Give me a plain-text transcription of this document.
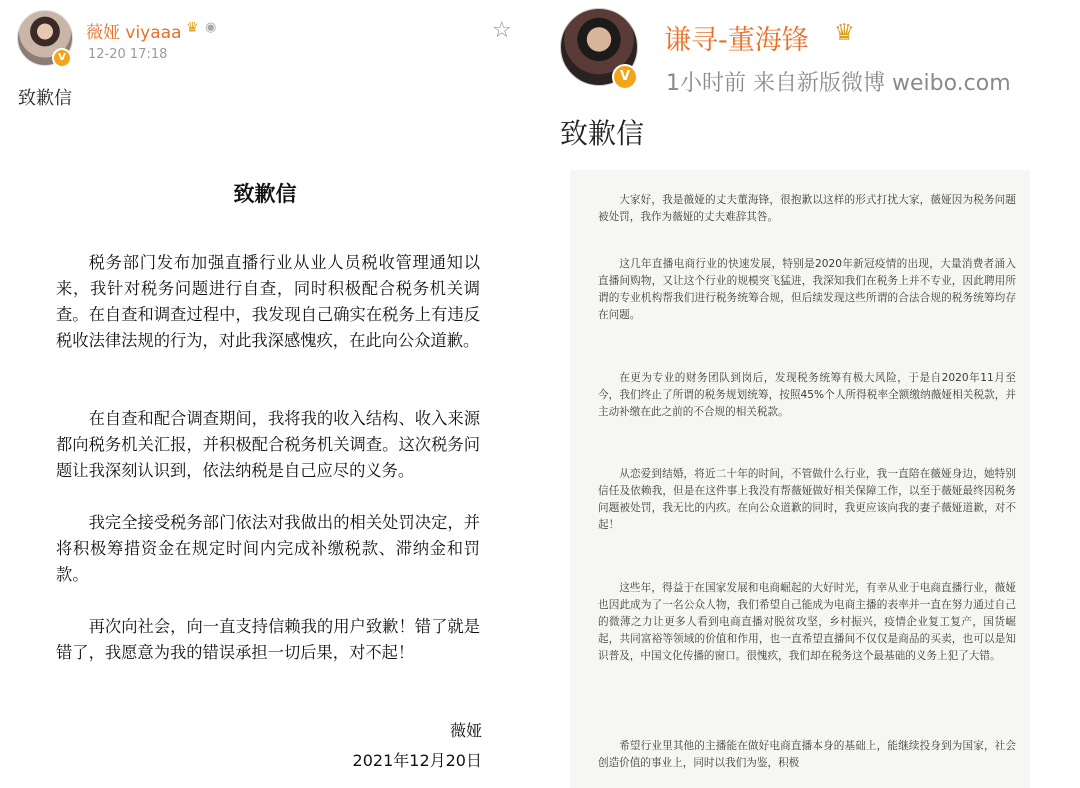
V
薇娅 viyaaa ♛ ◉
12-20 17:18
☆
致歉信
致歉信
税务部门发布加强直播行业从业人员税收管理通知以来，我针对税务问题进行自查，同时积极配合税务机关调查。在自查和调查过程中，我发现自己确实在税务上有违反税收法律法规的行为，对此我深感愧疚，在此向公众道歉。
在自查和配合调查期间，我将我的收入结构、收入来源都向税务机关汇报，并积极配合税务机关调查。这次税务问题让我深刻认识到，依法纳税是自己应尽的义务。
我完全接受税务部门依法对我做出的相关处罚决定，并将积极筹措资金在规定时间内完成补缴税款、滞纳金和罚款。
再次向社会，向一直支持信赖我的用户致歉！错了就是错了，我愿意为我的错误承担一切后果，对不起！
薇娅
2021年12月20日
V
谦寻-董海锋 ♛
1小时前 来自新版微博 weibo.com
致歉信
大家好，我是薇娅的丈夫董海锋，很抱歉以这样的形式打扰大家，薇娅因为税务问题被处罚，我作为薇娅的丈夫难辞其咎。
这几年直播电商行业的快速发展，特别是2020年新冠疫情的出现，大量消费者涌入直播间购物，又让这个行业的规模突飞猛进，我深知我们在税务上并不专业，因此聘用所谓的专业机构帮我们进行税务统筹合规，但后续发现这些所谓的合法合规的税务统筹均存在问题。
在更为专业的财务团队到岗后，发现税务统筹有极大风险，于是自2020年11月至今，我们终止了所谓的税务规划统筹，按照45%个人所得税率全额缴纳薇娅相关税款，并主动补缴在此之前的不合规的相关税款。
从恋爱到结婚，将近二十年的时间，不管做什么行业，我一直陪在薇娅身边，她特别信任及依赖我，但是在这件事上我没有帮薇娅做好相关保障工作，以至于薇娅最终因税务问题被处罚，我无比的内疚。在向公众道歉的同时，我更应该向我的妻子薇娅道歉，对不起！
这些年，得益于在国家发展和电商崛起的大好时光，有幸从业于电商直播行业，薇娅也因此成为了一名公众人物，我们希望自己能成为电商主播的表率并一直在努力通过自己的微薄之力让更多人看到电商直播对脱贫攻坚，乡村振兴，疫情企业复工复产，国货崛起，共同富裕等领域的价值和作用，也一直希望直播间不仅仅是商品的买卖，也可以是知识普及，中国文化传播的窗口。很愧疚，我们却在税务这个最基础的义务上犯了大错。
希望行业里其他的主播能在做好电商直播本身的基础上，能继续投身到为国家，社会创造价值的事业上，同时以我们为鉴，积极
